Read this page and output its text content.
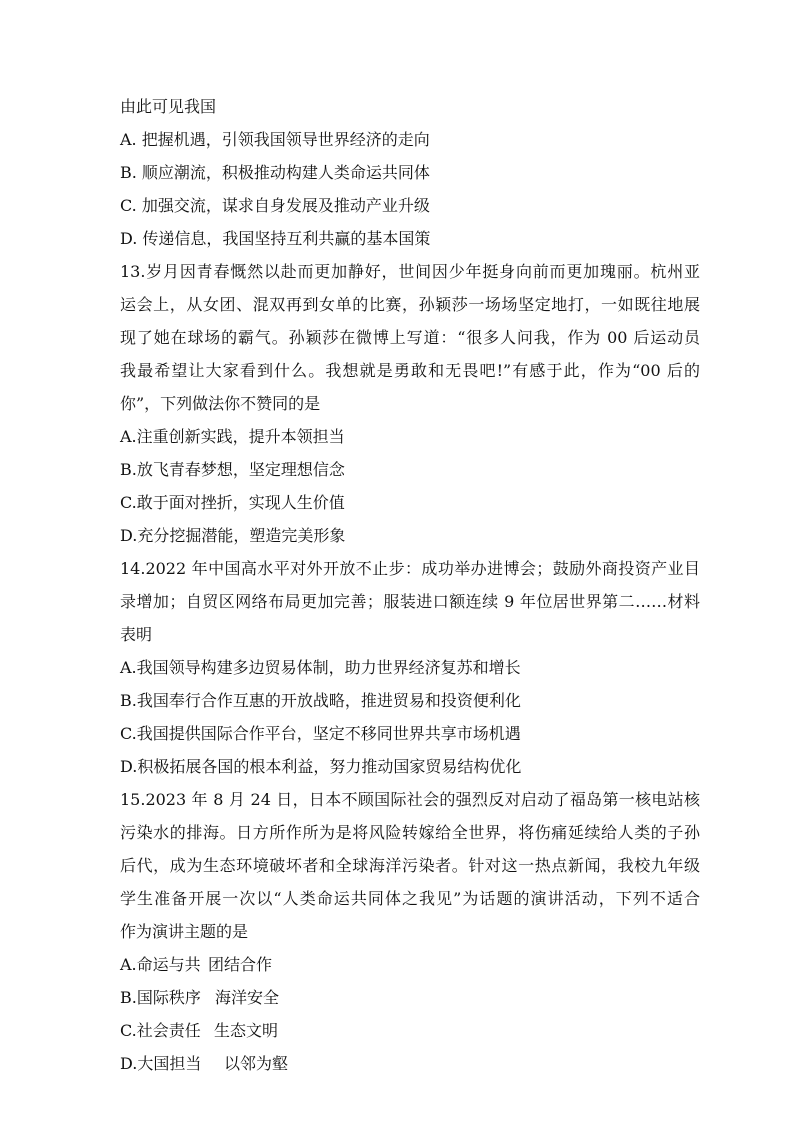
由此可见我国
A. 把握机遇，引领我国领导世界经济的走向
B. 顺应潮流，积极推动构建人类命运共同体
C. 加强交流，谋求自身发展及推动产业升级
D. 传递信息，我国坚持互利共赢的基本国策
13.岁月因青春慨然以赴而更加静好，世间因少年挺身向前而更加瑰丽。杭州亚
运会上，从女团、混双再到女单的比赛，孙颖莎一场场坚定地打，一如既往地展
现了她在球场的霸气。孙颖莎在微博上写道：“很多人问我，作为 00 后运动员
我最希望让大家看到什么。我想就是勇敢和无畏吧!”有感于此，作为“00 后的
你”，下列做法你不赞同的是
A.注重创新实践，提升本领担当
B.放飞青春梦想，坚定理想信念
C.敢于面对挫折，实现人生价值
D.充分挖掘潜能，塑造完美形象
14.2022 年中国高水平对外开放不止步：成功举办进博会；鼓励外商投资产业目
录增加；自贸区网络布局更加完善；服装进口额连续 9 年位居世界第二……材料
表明
A.我国领导构建多边贸易体制，助力世界经济复苏和增长
B.我国奉行合作互惠的开放战略，推进贸易和投资便利化
C.我国提供国际合作平台，坚定不移同世界共享市场机遇
D.积极拓展各国的根本利益，努力推动国家贸易结构优化
15.2023 年 8 月 24 日，日本不顾国际社会的强烈反对启动了福岛第一核电站核
污染水的排海。日方所作所为是将风险转嫁给全世界，将伤痛延续给人类的子孙
后代，成为生态环境破坏者和全球海洋污染者。针对这一热点新闻，我校九年级
学生准备开展一次以“人类命运共同体之我见”为话题的演讲活动，下列不适合
作为演讲主题的是
A.命运与共 团结合作
B.国际秩序 海洋安全
C.社会责任 生态文明
D.大国担当 以邻为壑
